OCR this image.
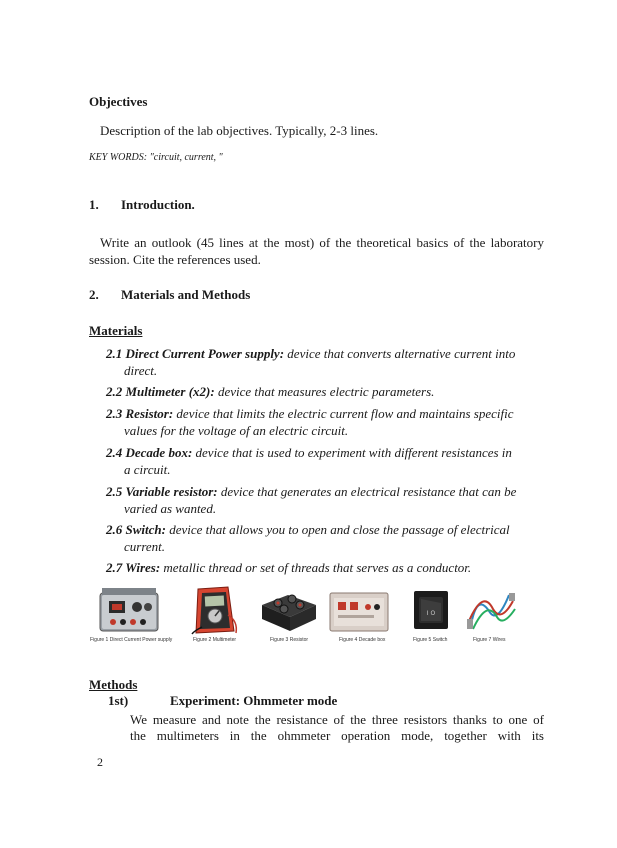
Objectives
Description of the lab objectives. Typically, 2-3 lines.
KEY WORDS: "circuit, current, "
1. Introduction.
Write an outlook (45 lines at the most) of the theoretical basics of the laboratory session. Cite the references used.
2. Materials and Methods
Materials
2.1 Direct Current Power supply: device that converts alternative current into
direct.
2.2 Multimeter (x2): device that measures electric parameters.
2.3 Resistor: device that limits the electric current flow and maintains specific
values for the voltage of an electric circuit.
2.4 Decade box: device that is used to experiment with different resistances in
a circuit.
2.5 Variable resistor: device that generates an electrical resistance that can be
varied as wanted.
2.6 Switch: device that allows you to open and close the passage of electrical
current.
2.7 Wires: metallic thread or set of threads that serves as a conductor.
I O
Figure 1 Direct Current Power supply	Figure 2 Multimeter	Figure 3 Resistor	Figure 4 Decade box	Figure 5 Switch	Figure 7 Wires
Methods
1st)	Experiment: Ohmmeter mode
We measure and note the resistance of the three resistors thanks to one of
the multimeters in the ohmmeter operation mode, together with its
2
